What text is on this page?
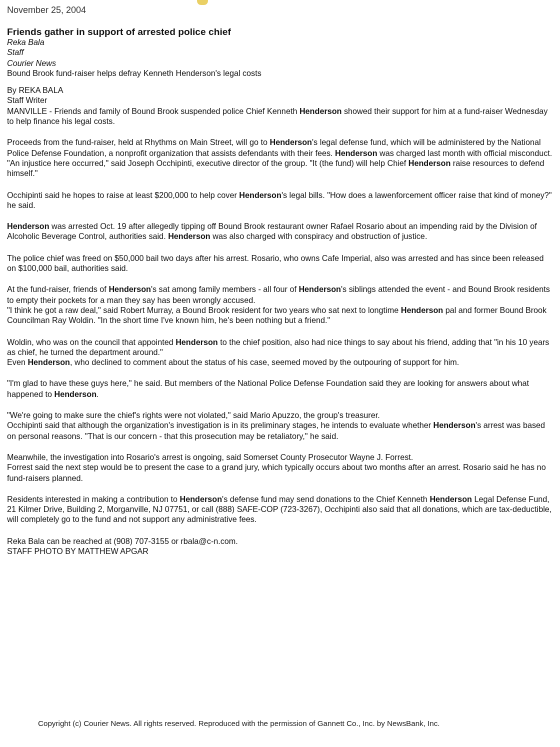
November 25, 2004
Friends gather in support of arrested police chief
Reka Bala
Staff
Courier News
Bound Brook fund-raiser helps defray Kenneth Henderson's legal costs
By REKA BALA
Staff Writer

MANVILLE - Friends and family of Bound Brook suspended police Chief Kenneth Henderson showed their support for him at a fund-raiser Wednesday to help finance his legal costs.

Proceeds from the fund-raiser, held at Rhythms on Main Street, will go to Henderson's legal defense fund, which will be administered by the National Police Defense Foundation, a nonprofit organization that assists defendants with their fees. Henderson was charged last month with official misconduct.
"An injustice here occurred," said Joseph Occhipinti, executive director of the group. "It (the fund) will help Chief Henderson raise resources to defend himself."

Occhipinti said he hopes to raise at least $200,000 to help cover Henderson's legal bills. "How does a lawenforcement officer raise that kind of money?" he said.

Henderson was arrested Oct. 19 after allegedly tipping off Bound Brook restaurant owner Rafael Rosario about an impending raid by the Division of Alcoholic Beverage Control, authorities said. Henderson was also charged with conspiracy and obstruction of justice.

The police chief was freed on $50,000 bail two days after his arrest. Rosario, who owns Cafe Imperial, also was arrested and has since been released on $100,000 bail, authorities said.

At the fund-raiser, friends of Henderson's sat among family members - all four of Henderson's siblings attended the event - and Bound Brook residents to empty their pockets for a man they say has been wrongly accused.
"I think he got a raw deal," said Robert Murray, a Bound Brook resident for two years who sat next to longtime Henderson pal and former Bound Brook Councilman Ray Woldin. "In the short time I've known him, he's been nothing but a friend."

Woldin, who was on the council that appointed Henderson to the chief position, also had nice things to say about his friend, adding that "in his 10 years as chief, he turned the department around."
Even Henderson, who declined to comment about the status of his case, seemed moved by the outpouring of support for him.

"I'm glad to have these guys here," he said. But members of the National Police Defense Foundation said they are looking for answers about what happened to Henderson.

"We're going to make sure the chief's rights were not violated," said Mario Apuzzo, the group's treasurer.
Occhipinti said that although the organization's investigation is in its preliminary stages, he intends to evaluate whether Henderson's arrest was based on personal reasons. "That is our concern - that this prosecution may be retaliatory," he said.

Meanwhile, the investigation into Rosario's arrest is ongoing, said Somerset County Prosecutor Wayne J. Forrest.
Forrest said the next step would be to present the case to a grand jury, which typically occurs about two months after an arrest. Rosario said he has no fund-raisers planned.

Residents interested in making a contribution to Henderson's defense fund may send donations to the Chief Kenneth Henderson Legal Defense Fund, 21 Kilmer Drive, Building 2, Morganville, NJ 07751, or call (888) SAFE-COP (723-3267), Occhipinti also said that all donations, which are tax-deductible, will completely go to the fund and not support any administrative fees.

Reka Bala can be reached at (908) 707-3155 or rbala@c-n.com.
STAFF PHOTO BY MATTHEW APGAR

Copyright (c) Courier News. All rights reserved. Reproduced with the permission of Gannett Co., Inc. by NewsBank, Inc.
